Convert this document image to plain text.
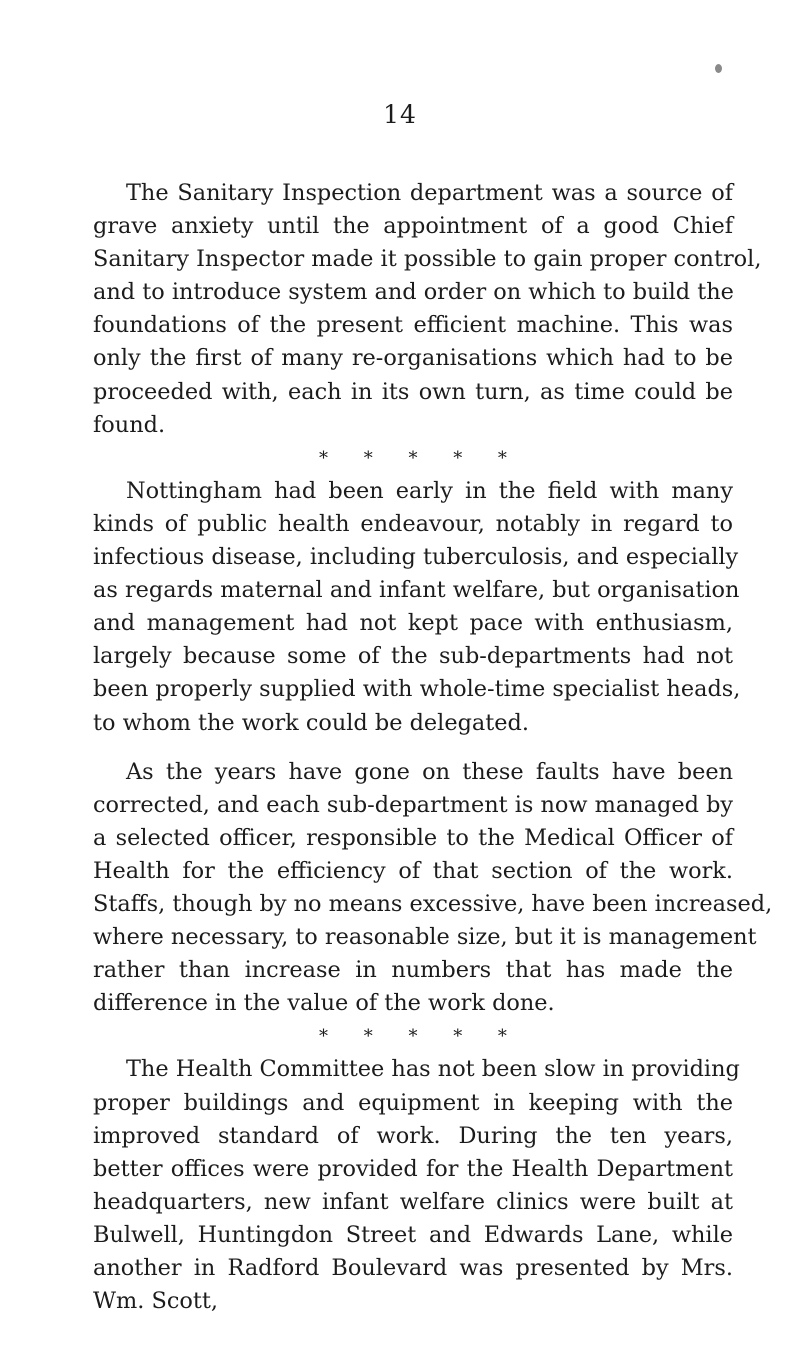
14

The Sanitary Inspection department was a source of
grave anxiety until the appointment of a good Chief
Sanitary Inspector made it possible to gain proper control,
and to introduce system and order on which to build the
foundations of the present efficient machine. This was
only the first of many re-organisations which had to be
proceeded with, each in its own turn, as time could be
found.

* * * * *

Nottingham had been early in the field with many
kinds of public health endeavour, notably in regard to
infectious disease, including tuberculosis, and especially
as regards maternal and infant welfare, but organisation
and management had not kept pace with enthusiasm,
largely because some of the sub-departments had not
been properly supplied with whole-time specialist heads,
to whom the work could be delegated.

As the years have gone on these faults have been
corrected, and each sub-department is now managed by
a selected officer, responsible to the Medical Officer of
Health for the efficiency of that section of the work.
Staffs, though by no means excessive, have been increased,
where necessary, to reasonable size, but it is management
rather than increase in numbers that has made the
difference in the value of the work done.

* * * * *

The Health Committee has not been slow in providing
proper buildings and equipment in keeping with the
improved standard of work. During the ten years,
better offices were provided for the Health Department
headquarters, new infant welfare clinics were built at
Bulwell, Huntingdon Street and Edwards Lane, while
another in Radford Boulevard was presented by Mrs.
Wm. Scott,
